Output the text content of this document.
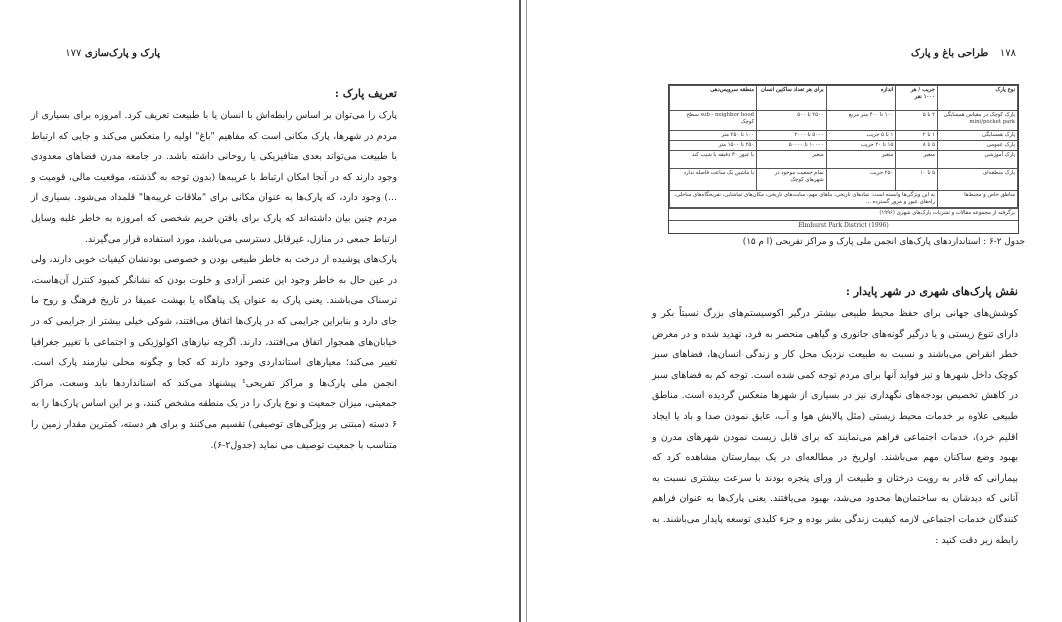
پارک و پارک‌سازی ۱۷۷
تعریف پارک :

پارک را می‌توان بر اساس رابطه‌اش با انسان یا با طبیعت تعریف کرد. امروزه برای بسیاری از مردم در شهرها، پارک مکانی است که مفاهیم "باغ" اولیه را منعکس می‌کند و جایی که ارتباط با طبیعت می‌تواند بعدی متافیزیکی یا روحانی داشته باشد. در جامعه مدرن فضاهای معدودی وجود دارند که در آنجا امکان ارتباط با غریبه‌ها (بدون توجه به گذشته، موقعیت مالی، قومیت و ...) وجود دارد، که پارک‌ها به عنوان مکانی برای "ملاقات غریبه‌ها" قلمداد می‌شود. بسیاری از مردم چنین بیان داشته‌اند که پارک برای یافتن حریم شخصی که امروزه به خاطر غلبه وسایل ارتباط جمعی در منازل، غیرقابل دسترسی می‌باشد، مورد استفاده قرار می‌گیرند.

پارک‌های پوشیده از درخت به خاطر طبیعی بودن و خصوصی بودنشان کیفیات خوبی دارند، ولی در عین حال به خاطر وجود این عنصر آزادی و خلوت بودن که نشانگر کمبود کنترل آن‌هاست، ترسناک می‌باشند. یعنی پارک به عنوان یک پناهگاه یا بهشت عمیقا در تاریخ فرهنگ و روح ما جای دارد و بنابراین جرایمی که در پارک‌ها اتفاق می‌افتند، شوکی خیلی بیشتر از جرایمی که در خیابان‌های همجوار اتفاق می‌افتند، دارند. اگرچه نیازهای اکولوژیکی و اجتماعی با تغییر جغرافیا تغییر می‌کند؛ معیارهای استانداردی وجود دارند که کجا و چگونه محلی نیازمند پارک است. انجمن ملی پارک‌ها و مراکز تفریحی¹ پیشنهاد می‌کند که استانداردها باید وسعت، مراکز جمعیتی، میزان جمعیت و نوع پارک را در یک منطقه مشخص کنند، و بر این اساس پارک‌ها را به ۶ دسته (مبتنی بر ویژگی‌های توصیفی) تقسیم می‌کنند و برای هر دسته، کمترین مقدار زمین را متناسب با جمعیت توصیف می نماید (جدول۲-۶).

۱۷۸ طراحی باغ و پارک
نوع پارک	جریب / هر ۱۰۰۰ نفر	اندازه	برای هر تعداد ساکنین انسان	منطقه سرویس‌دهی
پارک کوچک در مقیاس همسایگی mini/pocket park	۲ تا ۵	۱۰۰ تا ۴۰۰ متر مربع	۲۵۰۰ تا ۵۰۰	sub - neighbor hood سطح کوچک
پارک همسایگی	۱ تا ۲	۱ تا ۵ جریب	۵۰۰۰ تا ۲۰۰۰	۱۰۰ تا ۲۵۰ متر
پارک عمومی	۵ تا ۸	۱۵ تا ۲۰ جریب	۱۰۰۰۰ تا ۵۰۰۰۰	۲۵۰ تا ۱۵۰۰ متر
پارک آموزشی	متغیر	متغیر	متغیر	با عبور ۳۰ دقیقه با شیب کند
پارک منطقه‌ای	۵ تا ۱۰	۲۵۰ جریب	تمام جمعیت موجود در شهرهای کوچک	با ماشین یک ساعت فاصله ندارد
مناطق خاص و محیط‌ها	به این ویژگی‌ها وابسته است: نمادهای تاریخی، بناهای مهم، سایت‌های تاریخی، مکان‌های تماشایی، تفریحگاه‌های ساحلی، راه‌های عبور و مرور گسترده ...			
برگرفته از مجموعه مقالات و نشریات پارک‌های شهری (۱۹۹۶)
Elmhurst Park District (1996)
جدول ۲-۶ : استانداردهای پارک‌های انجمن ملی پارک و مراکز تفریحی (ا م ۱۵)
نقش پارک‌های شهری در شهر پایدار :

کوشش‌های جهانی برای حفظ محیط طبیعی بیشتر درگیر اکوسیستم‌های بزرگ نسبتاً بکر و دارای تنوع زیستی و یا درگیر گونه‌های جانوری و گیاهی منحصر به فرد، تهدید شده و در معرض خطر انقراض می‌باشند و نسبت به طبیعت نزدیک محل کار و زندگی انسان‌ها، فضاهای سبز کوچک داخل شهرها و نیز فواید آنها برای مردم توجه کمی شده است. توجه کم به فضاهای سبز در کاهش تخصیص بودجه‌های نگهداری نیز در بسیاری از شهرها منعکس گردیده است. مناطق طبیعی علاوه بر خدمات محیط زیستی (مثل پالایش هوا و آب، عایق نمودن صدا و باد یا ایجاد اقلیم خرد)، خدمات اجتماعی فراهم می‌نمایند که برای قابل زیست نمودن شهرهای مدرن و بهبود وضع ساکنان مهم می‌باشند. اولریخ در مطالعه‌ای در یک بیمارستان مشاهده کرد که بیمارانی که قادر به رویت درختان و طبیعت از ورای پنجره بودند با سرعت بیشتری نسبت به آنانی که دیدشان به ساختمان‌ها محدود می‌شد، بهبود می‌یافتند. یعنی پارک‌ها به عنوان فراهم کنندگان خدمات اجتماعی لازمه کیفیت زندگی بشر بوده و جزء کلیدی توسعه پایدار می‌باشند. به رابطه زیر دقت کنید :
